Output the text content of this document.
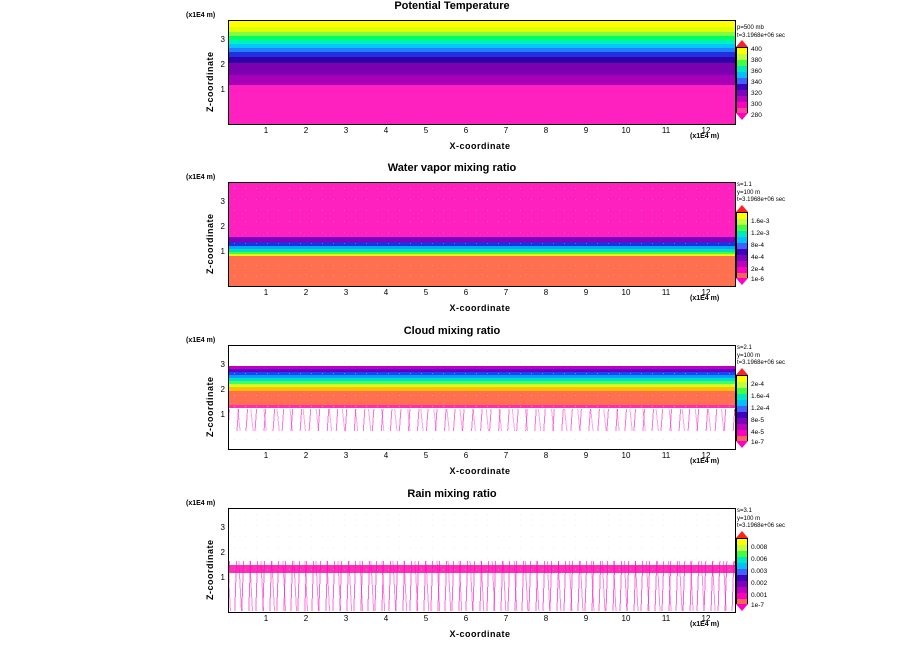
Potential Temperature
(x1E4 m)
Z-coordinate 1
2
3
1	2	3	4	5	6	7	8	9	10	11	12
(x1E4 m)
X-coordinate
p=500 mb
t=3.1968e+06 sec
400
380
360
340
320
300
280
Water vapor mixing ratio
(x1E4 m)
Z-coordinate 1
2
3
1	2	3	4	5	6	7	8	9	10	11	12
(x1E4 m)
X-coordinate
s=1.1
y=100 m
t=3.1968e+06 sec
1.6e-3
1.2e-3
8e-4
4e-4
2e-4
1e-6
Cloud mixing ratio
(x1E4 m)
Z-coordinate 1
2
3
1	2	3	4	5	6	7	8	9	10	11	12
(x1E4 m)
X-coordinate
s=2.1
y=100 m
t=3.1968e+06 sec
2e-4
1.6e-4
1.2e-4
8e-5
4e-5
1e-7
Rain mixing ratio
(x1E4 m)
Z-coordinate 1
2
3
1	2	3	4	5	6	7	8	9	10	11	12
(x1E4 m)
X-coordinate
s=3.1
y=100 m
t=3.1968e+06 sec
0.008
0.006
0.003
0.002
0.001
1e-7
